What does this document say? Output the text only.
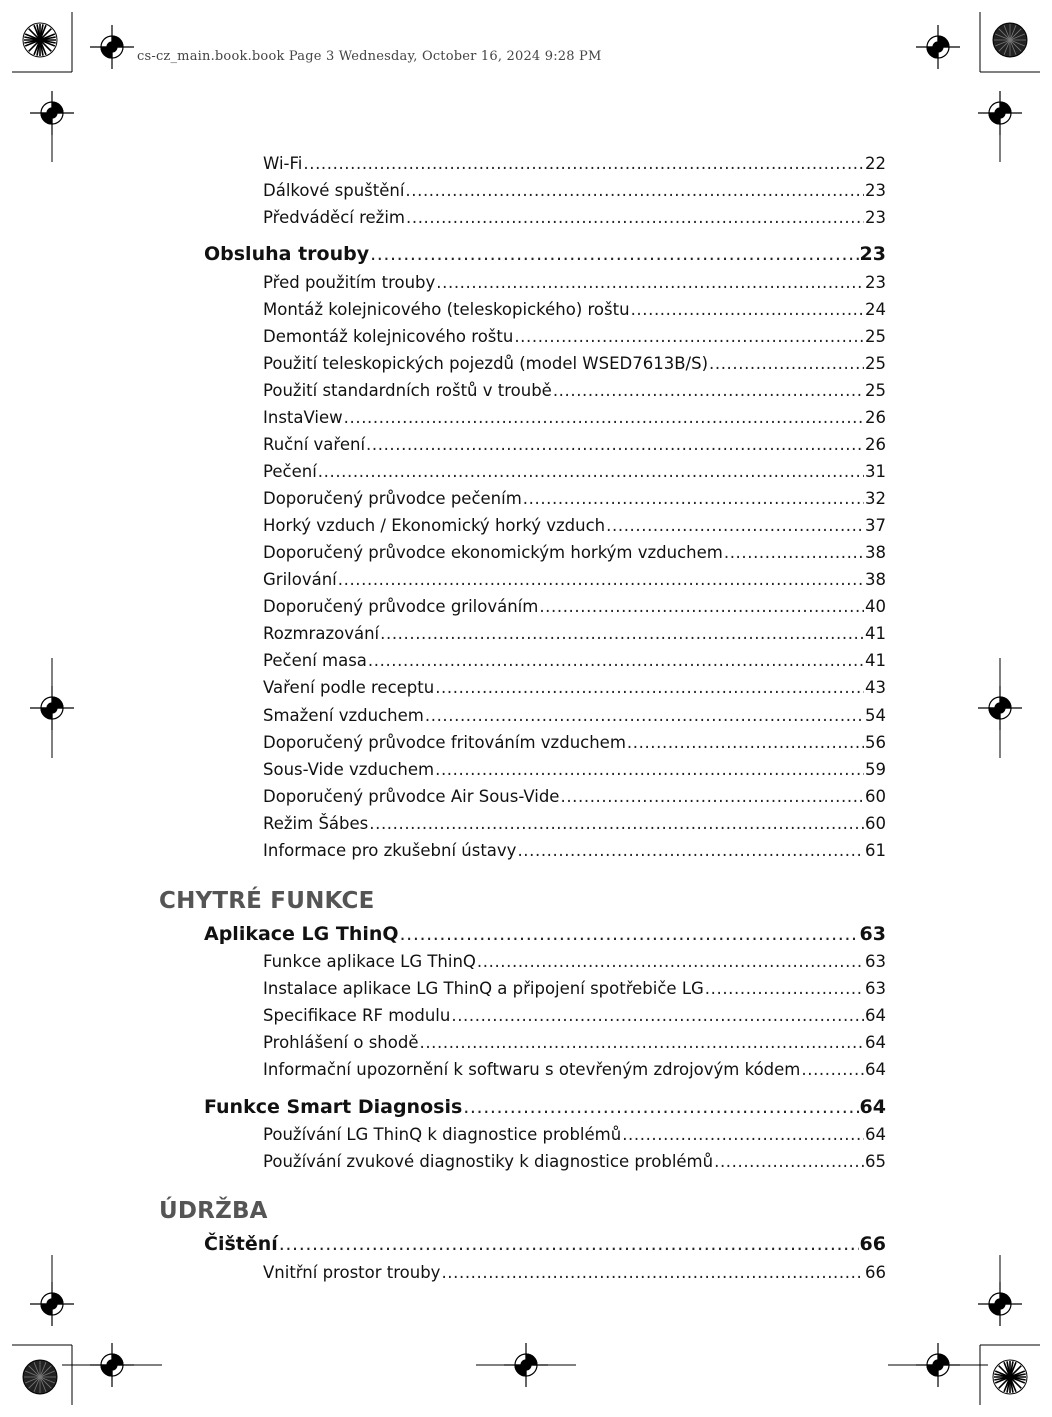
cs-cz_main.book.book Page 3 Wednesday, October 16, 2024 9:28 PM
Wi-Fi .....	22
Dálkové spuštění .....	23
Předváděcí režim .....	23
Obsluha trouby .....	23
Před použitím trouby .....	23
Montáž kolejnicového (teleskopického) roštu .....	24
Demontáž kolejnicového roštu .....	25
Použití teleskopických pojezdů (model WSED7613B/S) .....	25
Použití standardních roštů v troubě .....	25
InstaView .....	26
Ruční vaření .....	26
Pečení .....	31
Doporučený průvodce pečením .....	32
Horký vzduch / Ekonomický horký vzduch .....	37
Doporučený průvodce ekonomickým horkým vzduchem .....	38
Grilování .....	38
Doporučený průvodce grilováním .....	40
Rozmrazování .....	41
Pečení masa .....	41
Vaření podle receptu .....	43
Smažení vzduchem .....	54
Doporučený průvodce fritováním vzduchem .....	56
Sous-Vide vzduchem .....	59
Doporučený průvodce Air Sous-Vide .....	60
Režim Šábes .....	60
Informace pro zkušební ústavy .....	61
CHYTRÉ FUNKCE
Aplikace LG ThinQ .....	63
Funkce aplikace LG ThinQ .....	63
Instalace aplikace LG ThinQ a připojení spotřebiče LG .....	63
Specifikace RF modulu .....	64
Prohlášení o shodě .....	64
Informační upozornění k softwaru s otevřeným zdrojovým kódem .....	64
Funkce Smart Diagnosis .....	64
Používání LG ThinQ k diagnostice problémů .....	64
Používání zvukové diagnostiky k diagnostice problémů .....	65
ÚDRŽBA
Čištění .....	66
Vnitřní prostor trouby .....	66
